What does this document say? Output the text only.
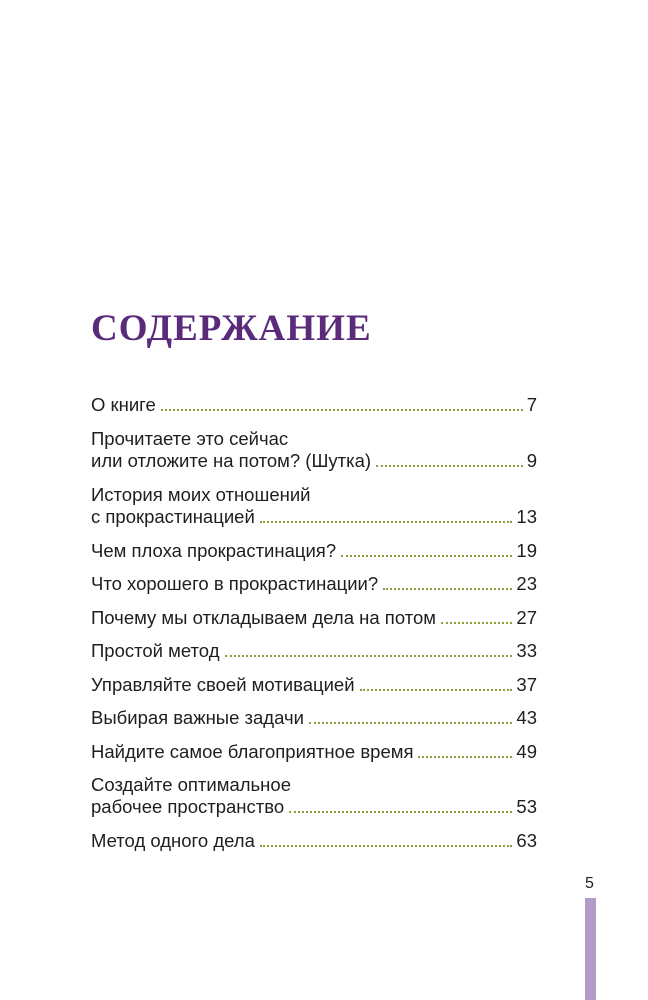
СОДЕРЖАНИЕ
О книге	7
Прочитаете это сейчас
или отложите на потом? (Шутка)	9
История моих отношений
с прокрастинацией	13
Чем плоха прокрастинация?	19
Что хорошего в прокрастинации?	23
Почему мы откладываем дела на потом	27
Простой метод	33
Управляйте своей мотивацией	37
Выбирая важные задачи	43
Найдите самое благоприятное время	49
Создайте оптимальное
рабочее пространство	53
Метод одного дела	63
5
